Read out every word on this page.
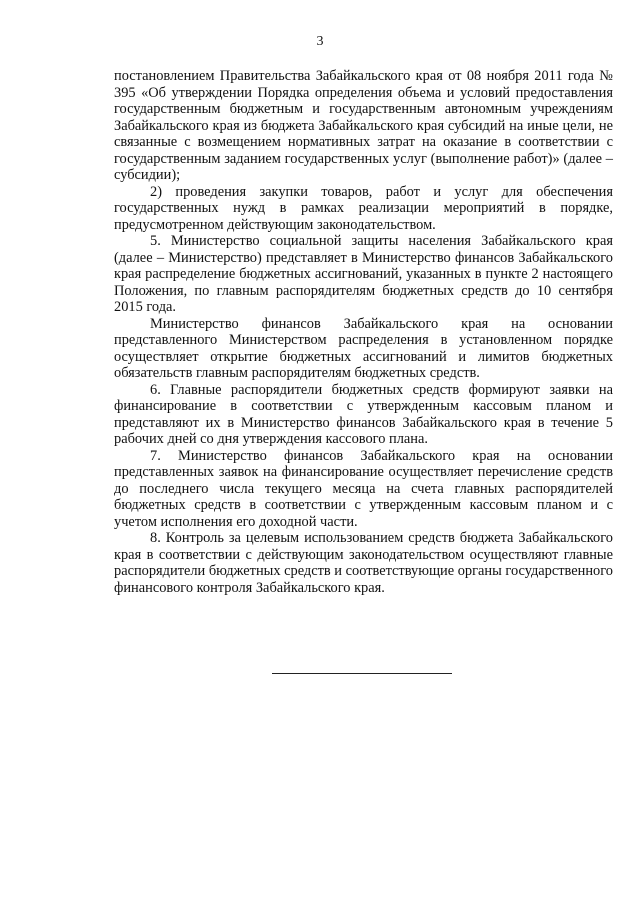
3

постановлением Правительства Забайкальского края от 08 ноября 2011 года № 395 «Об утверждении Порядка определения объема и условий предоставления государственным бюджетным и государственным автономным учреждениям Забайкальского края из бюджета Забайкальского края субсидий на иные цели, не связанные с возмещением нормативных затрат на оказание в соответствии с государственным заданием государственных услуг (выполнение работ)» (далее – субсидии);

2) проведения закупки товаров, работ и услуг для обеспечения государственных нужд в рамках реализации мероприятий в порядке, предусмотренном действующим законодательством.

5. Министерство социальной защиты населения Забайкальского края (далее – Министерство) представляет в Министерство финансов Забайкальского края распределение бюджетных ассигнований, указанных в пункте 2 настоящего Положения, по главным распорядителям бюджетных средств до 10 сентября 2015 года.

Министерство финансов Забайкальского края на основании представленного Министерством распределения в установленном порядке осуществляет открытие бюджетных ассигнований и лимитов бюджетных обязательств главным распорядителям бюджетных средств.

6. Главные распорядители бюджетных средств формируют заявки на финансирование в соответствии с утвержденным кассовым планом и представляют их в Министерство финансов Забайкальского края в течение 5 рабочих дней со дня утверждения кассового плана.

7. Министерство финансов Забайкальского края на основании представленных заявок на финансирование осуществляет перечисление средств до последнего числа текущего месяца на счета главных распорядителей бюджетных средств в соответствии с утвержденным кассовым планом и с учетом исполнения его доходной части.

8. Контроль за целевым использованием средств бюджета Забайкальского края в соответствии с действующим законодательством осуществляют главные распорядители бюджетных средств и соответствующие органы государственного финансового контроля Забайкальского края.
